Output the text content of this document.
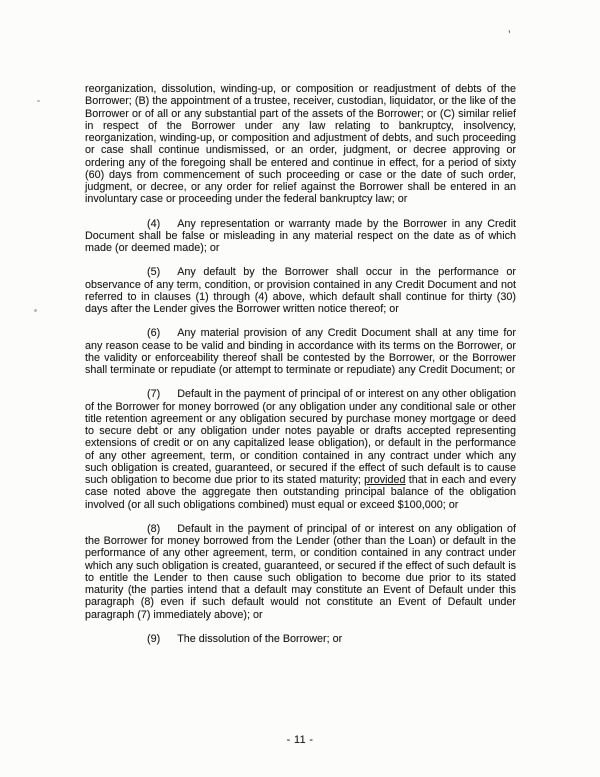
’

reorganization, dissolution, winding-up, or composition or readjustment of debts of the Borrower; (B) the appointment of a trustee, receiver, custodian, liquidator, or the like of the Borrower or of all or any substantial part of the assets of the Borrower; or (C) similar relief in respect of the Borrower under any law relating to bankruptcy, insolvency, reorganization, winding-up, or composition and adjustment of debts, and such proceeding or case shall continue undismissed, or an order, judgment, or decree approving or ordering any of the foregoing shall be entered and continue in effect, for a period of sixty (60) days from commencement of such proceeding or case or the date of such order, judgment, or decree, or any order for relief against the Borrower shall be entered in an involuntary case or proceeding under the federal bankruptcy law; or

(4) Any representation or warranty made by the Borrower in any Credit Document shall be false or misleading in any material respect on the date as of which made (or deemed made); or

(5) Any default by the Borrower shall occur in the performance or observance of any term, condition, or provision contained in any Credit Document and not referred to in clauses (1) through (4) above, which default shall continue for thirty (30) days after the Lender gives the Borrower written notice thereof; or

(6) Any material provision of any Credit Document shall at any time for any reason cease to be valid and binding in accordance with its terms on the Borrower, or the validity or enforceability thereof shall be contested by the Borrower, or the Borrower shall terminate or repudiate (or attempt to terminate or repudiate) any Credit Document; or

(7) Default in the payment of principal of or interest on any other obligation of the Borrower for money borrowed (or any obligation under any conditional sale or other title retention agreement or any obligation secured by purchase money mortgage or deed to secure debt or any obligation under notes payable or drafts accepted representing extensions of credit or on any capitalized lease obligation), or default in the performance of any other agreement, term, or condition contained in any contract under which any such obligation is created, guaranteed, or secured if the effect of such default is to cause such obligation to become due prior to its stated maturity; provided that in each and every case noted above the aggregate then outstanding principal balance of the obligation involved (or all such obligations combined) must equal or exceed $100,000; or

(8) Default in the payment of principal of or interest on any obligation of the Borrower for money borrowed from the Lender (other than the Loan) or default in the performance of any other agreement, term, or condition contained in any contract under which any such obligation is created, guaranteed, or secured if the effect of such default is to entitle the Lender to then cause such obligation to become due prior to its stated maturity (the parties intend that a default may constitute an Event of Default under this paragraph (8) even if such default would not constitute an Event of Default under paragraph (7) immediately above); or

(9) The dissolution of the Borrower; or

- 11 -
